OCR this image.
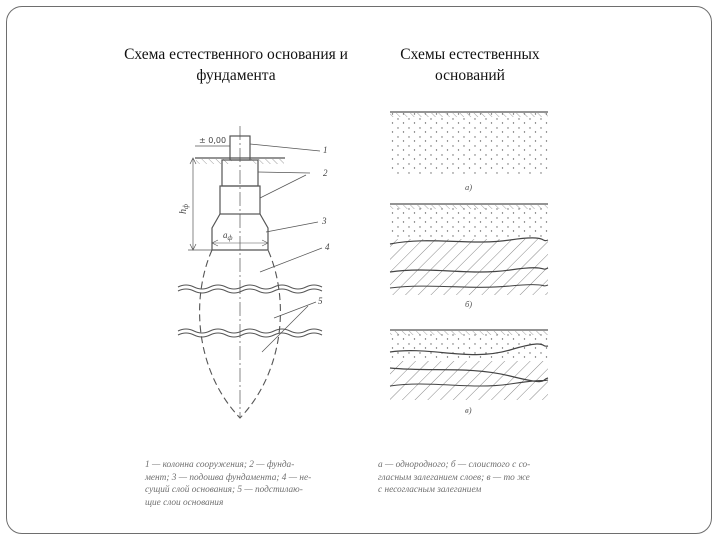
Схема естественного основания и фундамента
Схемы естественных оснований
± 0,00
$h_ф$
$a_ф$
1
2
3
4
5
а)
б)
в)
1 — колонна сооружения; 2 — фунда-
мент; 3 — подошва фундамента; 4 — не-
сущий слой основания; 5 — подстилаю-
щие слои основания
а — однородного; б — слоистого с со-
гласным залеганием слоев; в — то же
с несогласным залеганием
